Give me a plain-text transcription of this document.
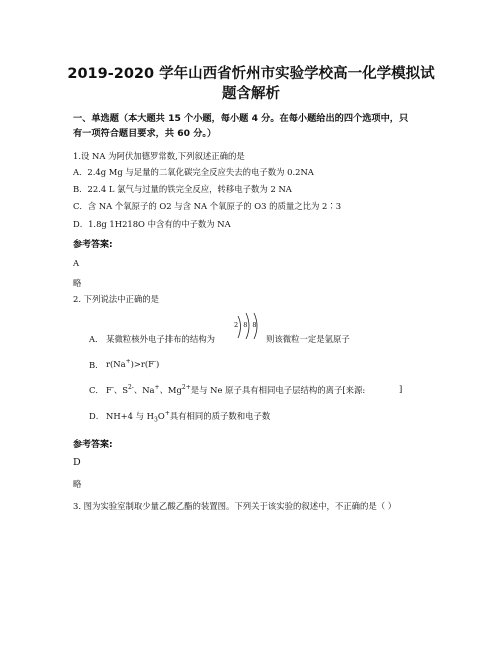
2019-2020 学年山西省忻州市实验学校高一化学模拟试
题含解析
一、单选题（本大题共 15 个小题，每小题 4 分。在每小题给出的四个选项中，只
有一项符合题目要求，共 60 分。）
1.设 NA 为阿伏加德罗常数,下列叙述正确的是
A．2.4g Mg 与足量的二氧化碳完全反应失去的电子数为 0.2NA
B．22.4 L 氯气与过量的铁完全反应，转移电子数为 2 NA
C．含 NA 个氧原子的 O2 与含 NA 个氧原子的 O3 的质量之比为 2∶3
D．1.8g 1H218O 中含有的中子数为 NA
参考答案:
A
略
2. 下列说法中正确的是
A． 某微粒核外电子排布的结构为
2 8 8
则该微粒一定是氩原子
B． r(Na+)>r(F-)
C． F-、$S^{2-}$、Na+、$Mg^{2+}$是与 Ne 原子具有相同电子层结构的离子[来源:	]
D． NH+4 与 $H_3O^+$具有相同的质子数和电子数
参考答案:
D
略
3. 图为实验室制取少量乙酸乙酯的装置图。下列关于该实验的叙述中，不正确的是（ ）
